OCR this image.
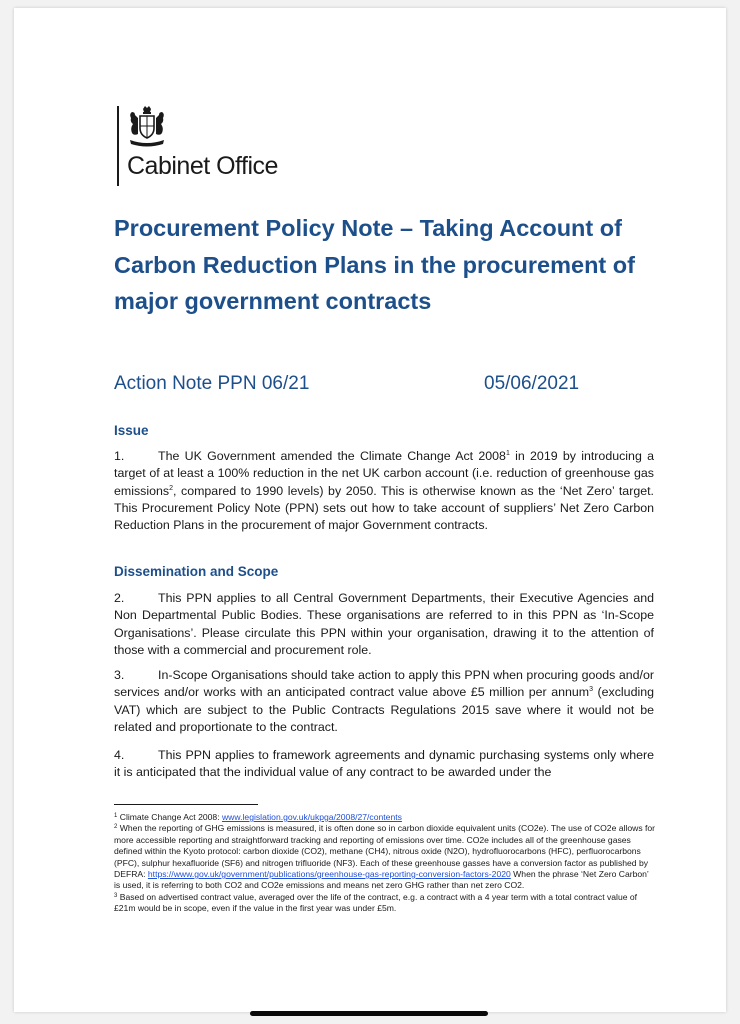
Cabinet Office
Procurement Policy Note – Taking Account of Carbon Reduction Plans in the procurement of major government contracts
Action Note PPN 06/21	05/06/2021
Issue

1.	The UK Government amended the Climate Change Act 2008$^1$ in 2019 by introducing a target of at least a 100% reduction in the net UK carbon account (i.e. reduction of greenhouse gas emissions$^2$, compared to 1990 levels) by 2050. This is otherwise known as the ‘Net Zero’ target. This Procurement Policy Note (PPN) sets out how to take account of suppliers’ Net Zero Carbon Reduction Plans in the procurement of major Government contracts.

Dissemination and Scope

2.	This PPN applies to all Central Government Departments, their Executive Agencies and Non Departmental Public Bodies. These organisations are referred to in this PPN as ‘In-Scope Organisations’. Please circulate this PPN within your organisation, drawing it to the attention of those with a commercial and procurement role.

3.	In-Scope Organisations should take action to apply this PPN when procuring goods and/or services and/or works with an anticipated contract value above £5 million per annum$^3$ (excluding VAT) which are subject to the Public Contracts Regulations 2015 save where it would not be related and proportionate to the contract.

4.	This PPN applies to framework agreements and dynamic purchasing systems only where it is anticipated that the individual value of any contract to be awarded under the

$^1$ Climate Change Act 2008: www.legislation.gov.uk/ukpga/2008/27/contents

$^2$ When the reporting of GHG emissions is measured, it is often done so in carbon dioxide equivalent units (CO2e). The use of CO2e allows for more accessible reporting and straightforward tracking and reporting of emissions over time. CO2e includes all of the greenhouse gases defined within the Kyoto protocol: carbon dioxide (CO2), methane (CH4), nitrous oxide (N2O), hydrofluorocarbons (HFC), perfluorocarbons (PFC), sulphur hexafluoride (SF6) and nitrogen trifluoride (NF3). Each of these greenhouse gasses have a conversion factor as published by DEFRA: https://www.gov.uk/government/publications/greenhouse-gas-reporting-conversion-factors-2020 When the phrase ‘Net Zero Carbon’ is used, it is referring to both CO2 and CO2e emissions and means net zero GHG rather than net zero CO2.

$^3$ Based on advertised contract value, averaged over the life of the contract, e.g. a contract with a 4 year term with a total contract value of £21m would be in scope, even if the value in the first year was under £5m.
